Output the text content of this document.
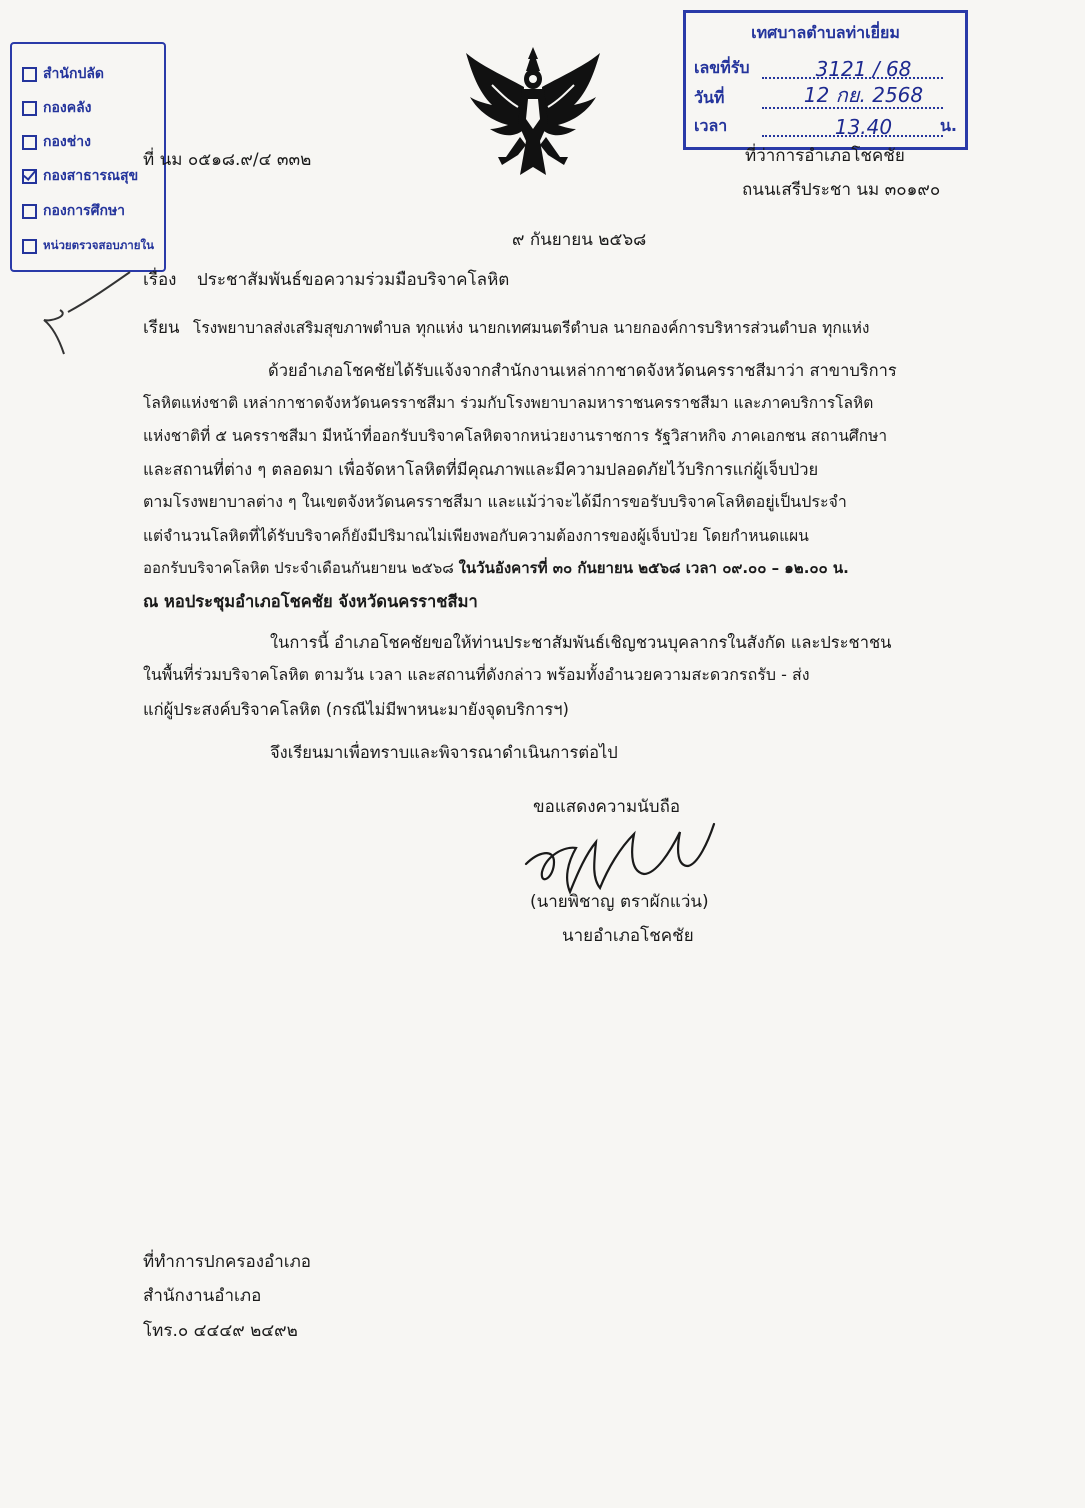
สำนักปลัด
กองคลัง
กองช่าง
กองสาธารณสุข
กองการศึกษา
หน่วยตรวจสอบภายใน
เทศบาลตำบลท่าเยี่ยม
เลขที่รับ	3121 / 68
วันที่	12 กย. 2568
เวลา	13.40	น.
ที่ นม ๐๕๑๘.๙/๔ ๓๓๒	ที่ว่าการอำเภอโชคชัย
ถนนเสรีประชา นม ๓๐๑๙๐
๙ กันยายน ๒๕๖๘
เรื่อง ประชาสัมพันธ์ขอความร่วมมือบริจาคโลหิต
เรียน โรงพยาบาลส่งเสริมสุขภาพตำบล ทุกแห่ง นายกเทศมนตรีตำบล นายกองค์การบริหารส่วนตำบล ทุกแห่ง
ด้วยอำเภอโชคชัยได้รับแจ้งจากสำนักงานเหล่ากาชาดจังหวัดนครราชสีมาว่า สาขาบริการ
โลหิตแห่งชาติ เหล่ากาชาดจังหวัดนครราชสีมา ร่วมกับโรงพยาบาลมหาราชนครราชสีมา และภาคบริการโลหิต
แห่งชาติที่ ๕ นครราชสีมา มีหน้าที่ออกรับบริจาคโลหิตจากหน่วยงานราชการ รัฐวิสาหกิจ ภาคเอกชน สถานศึกษา
และสถานที่ต่าง ๆ ตลอดมา เพื่อจัดหาโลหิตที่มีคุณภาพและมีความปลอดภัยไว้บริการแก่ผู้เจ็บป่วย
ตามโรงพยาบาลต่าง ๆ ในเขตจังหวัดนครราชสีมา และแม้ว่าจะได้มีการขอรับบริจาคโลหิตอยู่เป็นประจำ
แต่จำนวนโลหิตที่ได้รับบริจาคก็ยังมีปริมาณไม่เพียงพอกับความต้องการของผู้เจ็บป่วย โดยกำหนดแผน
ออกรับบริจาคโลหิต ประจำเดือนกันยายน ๒๕๖๘ ในวันอังคารที่ ๓๐ กันยายน ๒๕๖๘ เวลา ๐๙.๐๐ – ๑๒.๐๐ น.
ณ หอประชุมอำเภอโชคชัย จังหวัดนครราชสีมา
ในการนี้ อำเภอโชคชัยขอให้ท่านประชาสัมพันธ์เชิญชวนบุคลากรในสังกัด และประชาชน
ในพื้นที่ร่วมบริจาคโลหิต ตามวัน เวลา และสถานที่ดังกล่าว พร้อมทั้งอำนวยความสะดวกรถรับ - ส่ง
แก่ผู้ประสงค์บริจาคโลหิต (กรณีไม่มีพาหนะมายังจุดบริการฯ)
จึงเรียนมาเพื่อทราบและพิจารณาดำเนินการต่อไป
ขอแสดงความนับถือ
(นายพิชาญ ตราผักแว่น)
นายอำเภอโชคชัย
ที่ทำการปกครองอำเภอ
สำนักงานอำเภอ
โทร.๐ ๔๔๔๙ ๒๔๙๒
